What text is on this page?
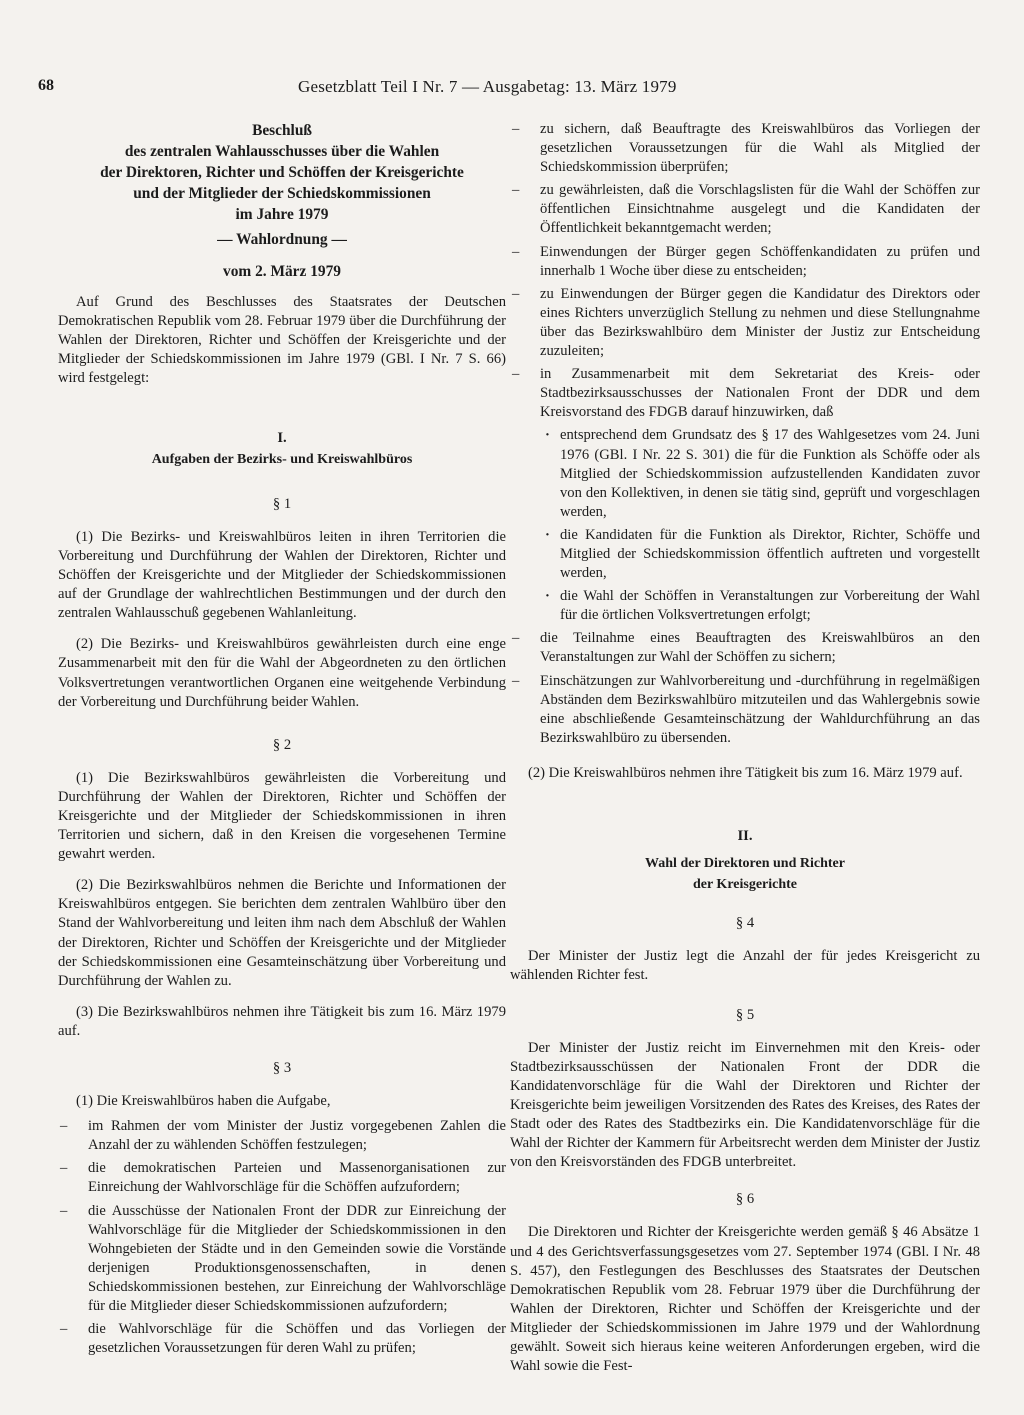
68	Gesetzblatt Teil I Nr. 7 — Ausgabetag: 13. März 1979
Beschluß
des zentralen Wahlausschusses über die Wahlen
der Direktoren, Richter und Schöffen der Kreisgerichte
und der Mitglieder der Schiedskommissionen
im Jahre 1979
— Wahlordnung —
vom 2. März 1979

Auf Grund des Beschlusses des Staatsrates der Deutschen Demokratischen Republik vom 28. Februar 1979 über die Durchführung der Wahlen der Direktoren, Richter und Schöffen der Kreisgerichte und der Mitglieder der Schiedskommissionen im Jahre 1979 (GBl. I Nr. 7 S. 66) wird festgelegt:

I.
Aufgaben der Bezirks- und Kreiswahlbüros
§ 1

(1) Die Bezirks- und Kreiswahlbüros leiten in ihren Territorien die Vorbereitung und Durchführung der Wahlen der Direktoren, Richter und Schöffen der Kreisgerichte und der Mitglieder der Schiedskommissionen auf der Grundlage der wahlrechtlichen Bestimmungen und der durch den zentralen Wahlausschuß gegebenen Wahlanleitung.

(2) Die Bezirks- und Kreiswahlbüros gewährleisten durch eine enge Zusammenarbeit mit den für die Wahl der Abgeordneten zu den örtlichen Volksvertretungen verantwortlichen Organen eine weitgehende Verbindung der Vorbereitung und Durchführung beider Wahlen.

§ 2

(1) Die Bezirkswahlbüros gewährleisten die Vorbereitung und Durchführung der Wahlen der Direktoren, Richter und Schöffen der Kreisgerichte und der Mitglieder der Schiedskommissionen in ihren Territorien und sichern, daß in den Kreisen die vorgesehenen Termine gewahrt werden.

(2) Die Bezirkswahlbüros nehmen die Berichte und Informationen der Kreiswahlbüros entgegen. Sie berichten dem zentralen Wahlbüro über den Stand der Wahlvorbereitung und leiten ihm nach dem Abschluß der Wahlen der Direktoren, Richter und Schöffen der Kreisgerichte und der Mitglieder der Schiedskommissionen eine Gesamteinschätzung über Vorbereitung und Durchführung der Wahlen zu.

(3) Die Bezirkswahlbüros nehmen ihre Tätigkeit bis zum 16. März 1979 auf.

§ 3

(1) Die Kreiswahlbüros haben die Aufgabe,

– im Rahmen der vom Minister der Justiz vorgegebenen Zahlen die Anzahl der zu wählenden Schöffen festzulegen;
– die demokratischen Parteien und Massenorganisationen zur Einreichung der Wahlvorschläge für die Schöffen aufzufordern;
– die Ausschüsse der Nationalen Front der DDR zur Einreichung der Wahlvorschläge für die Mitglieder der Schiedskommissionen in den Wohngebieten der Städte und in den Gemeinden sowie die Vorstände derjenigen Produktionsgenossenschaften, in denen Schiedskommissionen bestehen, zur Einreichung der Wahlvorschläge für die Mitglieder dieser Schiedskommissionen aufzufordern;
– die Wahlvorschläge für die Schöffen und das Vorliegen der gesetzlichen Voraussetzungen für deren Wahl zu prüfen;
– zu sichern, daß Beauftragte des Kreiswahlbüros das Vorliegen der gesetzlichen Voraussetzungen für die Wahl als Mitglied der Schiedskommission überprüfen;
– zu gewährleisten, daß die Vorschlagslisten für die Wahl der Schöffen zur öffentlichen Einsichtnahme ausgelegt und die Kandidaten der Öffentlichkeit bekanntgemacht werden;
– Einwendungen der Bürger gegen Schöffenkandidaten zu prüfen und innerhalb 1 Woche über diese zu entscheiden;
– zu Einwendungen der Bürger gegen die Kandidatur des Direktors oder eines Richters unverzüglich Stellung zu nehmen und diese Stellungnahme über das Bezirkswahlbüro dem Minister der Justiz zur Entscheidung zuzuleiten;
– in Zusammenarbeit mit dem Sekretariat des Kreis- oder Stadtbezirksausschusses der Nationalen Front der DDR und dem Kreisvorstand des FDGB darauf hinzuwirken, daß
· entsprechend dem Grundsatz des § 17 des Wahlgesetzes vom 24. Juni 1976 (GBl. I Nr. 22 S. 301) die für die Funktion als Schöffe oder als Mitglied der Schiedskommission aufzustellenden Kandidaten zuvor von den Kollektiven, in denen sie tätig sind, geprüft und vorgeschlagen werden,
· die Kandidaten für die Funktion als Direktor, Richter, Schöffe und Mitglied der Schiedskommission öffentlich auftreten und vorgestellt werden,
· die Wahl der Schöffen in Veranstaltungen zur Vorbereitung der Wahl für die örtlichen Volksvertretungen erfolgt;
– die Teilnahme eines Beauftragten des Kreiswahlbüros an den Veranstaltungen zur Wahl der Schöffen zu sichern;
– Einschätzungen zur Wahlvorbereitung und -durchführung in regelmäßigen Abständen dem Bezirkswahlbüro mitzuteilen und das Wahlergebnis sowie eine abschließende Gesamteinschätzung der Wahldurchführung an das Bezirkswahlbüro zu übersenden.

(2) Die Kreiswahlbüros nehmen ihre Tätigkeit bis zum 16. März 1979 auf.

II.
Wahl der Direktoren und Richter
der Kreisgerichte
§ 4

Der Minister der Justiz legt die Anzahl der für jedes Kreisgericht zu wählenden Richter fest.

§ 5

Der Minister der Justiz reicht im Einvernehmen mit den Kreis- oder Stadtbezirksausschüssen der Nationalen Front der DDR die Kandidatenvorschläge für die Wahl der Direktoren und Richter der Kreisgerichte beim jeweiligen Vorsitzenden des Rates des Kreises, des Rates der Stadt oder des Rates des Stadtbezirks ein. Die Kandidatenvorschläge für die Wahl der Richter der Kammern für Arbeitsrecht werden dem Minister der Justiz von den Kreisvorständen des FDGB unterbreitet.

§ 6

Die Direktoren und Richter der Kreisgerichte werden gemäß § 46 Absätze 1 und 4 des Gerichtsverfassungsgesetzes vom 27. September 1974 (GBl. I Nr. 48 S. 457), den Festlegungen des Beschlusses des Staatsrates der Deutschen Demokratischen Republik vom 28. Februar 1979 über die Durchführung der Wahlen der Direktoren, Richter und Schöffen der Kreisgerichte und der Mitglieder der Schiedskommissionen im Jahre 1979 und der Wahlordnung gewählt. Soweit sich hieraus keine weiteren Anforderungen ergeben, wird die Wahl sowie die Fest-
